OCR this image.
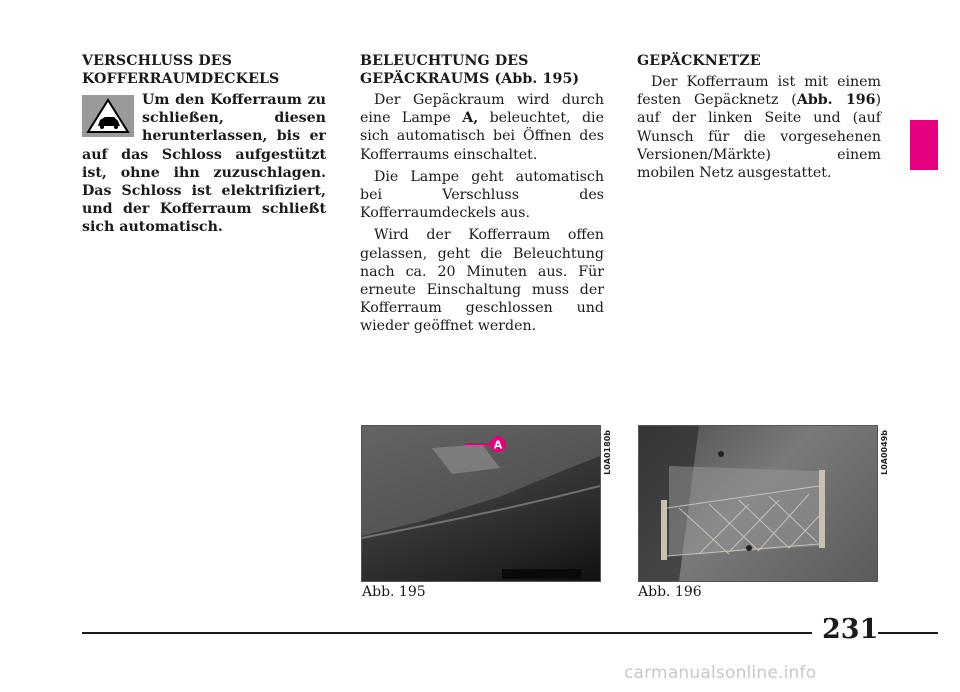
VERSCHLUSS DES
KOFFERRAUMDECKELS

Um den Kofferraum zu schließen, diesen herunterlassen, bis er auf das Schloss aufgestützt ist, ohne ihn zuzuschlagen. Das Schloss ist elektrifiziert, und der Kofferraum schließt sich automatisch.

BELEUCHTUNG DES
GEPÄCKRAUMS (Abb. 195)

Der Gepäckraum wird durch eine Lampe A, beleuchtet, die sich automatisch bei Öffnen des Kofferraums einschaltet.

Die Lampe geht automatisch bei Verschluss des Kofferraumdeckels aus.

Wird der Kofferraum offen gelassen, geht die Beleuchtung nach ca. 20 Minuten aus. Für erneute Einschaltung muss der Kofferraum geschlossen und wieder geöffnet werden.

GEPÄCKNETZE

Der Kofferraum ist mit einem festen Gepäcknetz (Abb. 196) auf der linken Seite und (auf Wunsch für die vorgesehenen Versionen/Märkte) einem mobilen Netz ausgestattet.

A	L0A0180b
Abb. 195
L0A0049b
Abb. 196
231
carmanualsonline.info
